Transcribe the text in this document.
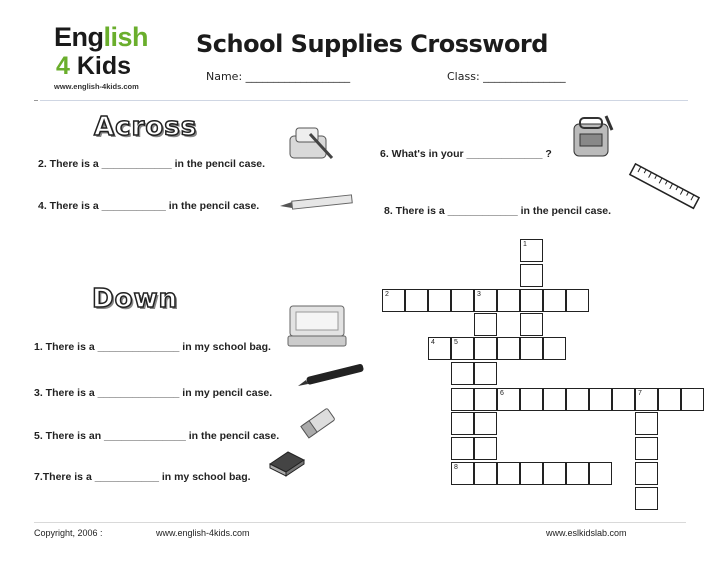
English
4 Kids
www.english-4kids.com
School Supplies Crossword
Name: ___________________	Class: _______________
Across
2. There is a ____________ in the pencil case.
4. There is a ___________ in the pencil case.
6. What's in your _____________ ?
8. There is a ____________ in the pencil case.
Down
1. There is a ______________ in my school bag.
3. There is a ______________ in my pencil case.
5. There is an ______________ in the pencil case.
7.There is a ___________ in my school bag.
1
2	3
4	5
6	7
8
Copyright, 2006 :	www.english-4kids.com	www.eslkidslab.com
